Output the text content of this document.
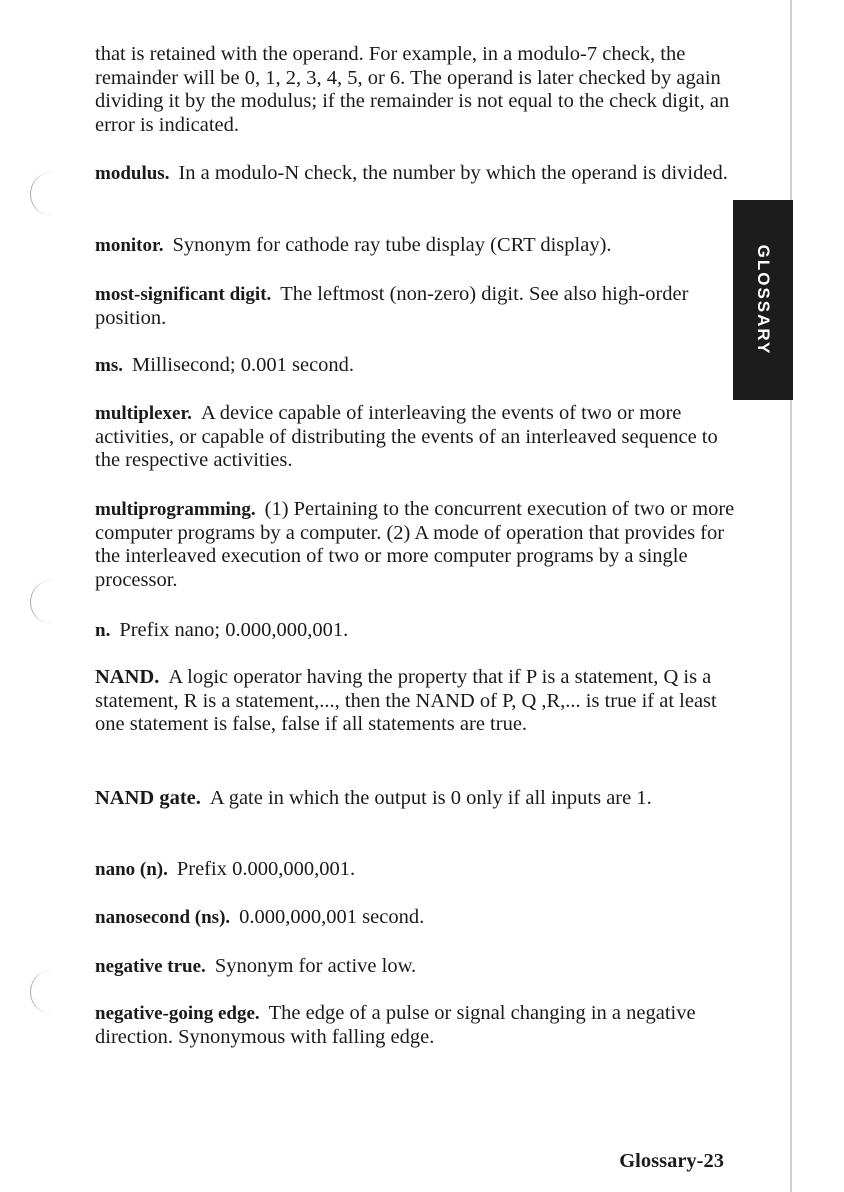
that is retained with the operand. For example, in a modulo-7 check, the remainder will be 0, 1, 2, 3, 4, 5, or 6. The operand is later checked by again dividing it by the modulus; if the remainder is not equal to the check digit, an error is indicated.

modulus. In a modulo-N check, the number by which the operand is divided.

monitor. Synonym for cathode ray tube display (CRT display).

most-significant digit. The leftmost (non-zero) digit. See also high-order position.

ms. Millisecond; 0.001 second.

multiplexer. A device capable of interleaving the events of two or more activities, or capable of distributing the events of an interleaved sequence to the respective activities.

multiprogramming. (1) Pertaining to the concurrent execution of two or more computer programs by a computer. (2) A mode of operation that provides for the interleaved execution of two or more computer programs by a single processor.

n. Prefix nano; 0.000,000,001.

NAND. A logic operator having the property that if P is a statement, Q is a statement, R is a statement,..., then the NAND of P, Q ,R,... is true if at least one statement is false, false if all statements are true.

NAND gate. A gate in which the output is 0 only if all inputs are 1.

nano (n). Prefix 0.000,000,001.

nanosecond (ns). 0.000,000,001 second.

negative true. Synonym for active low.

negative-going edge. The edge of a pulse or signal changing in a negative direction. Synonymous with falling edge.

GLOSSARY

Glossary-23
